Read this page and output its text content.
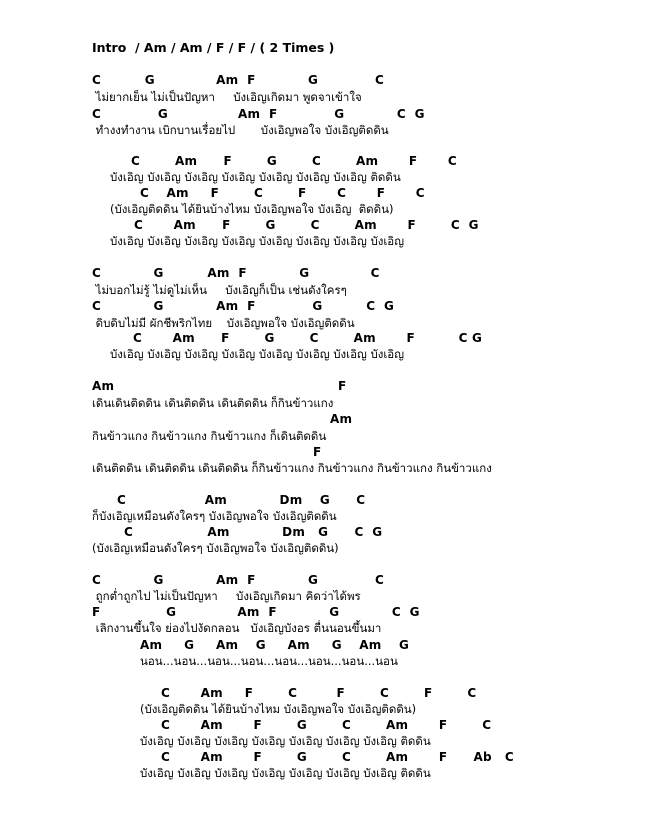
Intro  / Am / Am / F / F / ( 2 Times )
C          G              Am  F            G             C
ไม่ยากเย็น ไม่เป็นปัญหา     บังเอิญเกิดมา พูดจาเข้าใจ
C             G                Am  F             G            C  G
ทำงงทำงาน เบิกบานเรื่อยไป       บังเอิญพอใจ บังเอิญติดดิน
C        Am      F        G        C        Am       F       C
บังเอิญ บังเอิญ บังเอิญ บังเอิญ บังเอิญ บังเอิญ บังเอิญ ติดดิน
C    Am     F        C        F       C       F       C
(บังเอิญติดดิน ได้ยินบ้างไหม บังเอิญพอใจ บังเอิญ  ติดดิน)
C       Am      F        G        C        Am       F        C  G
บังเอิญ บังเอิญ บังเอิญ บังเอิญ บังเอิญ บังเอิญ บังเอิญ บังเอิญ
C            G          Am  F            G              C
ไม่บอกไม่รู้ ไม่ดูไม่เห็น     บังเอิญก็เป็น เช่นดังใครๆ
C            G            Am  F             G          C  G
ดิบดิบไม่มี ผักชีพริกไทย    บังเอิญพอใจ บังเอิญติดดิน
C       Am      F        G        C        Am       F          C G
บังเอิญ บังเอิญ บังเอิญ บังเอิญ บังเอิญ บังเอิญ บังเอิญ บังเอิญ
Am	F
เดินเดินติดดิน เดินติดดิน เดินติดดิน ก็กินข้าวแกง
Am
กินข้าวแกง กินข้าวแกง กินข้าวแกง ก็เดินติดดิน
F
เดินติดดิน เดินติดดิน เดินติดดิน ก็กินข้าวแกง กินข้าวแกง กินข้าวแกง กินข้าวแกง
C                  Am            Dm    G      C
ก็บังเอิญเหมือนดังใครๆ บังเอิญพอใจ บังเอิญติดดิน
C                 Am            Dm   G      C  G
(บังเอิญเหมือนดังใครๆ บังเอิญพอใจ บังเอิญติดดิน)
C            G            Am  F            G             C
ถูกต่ำถูกไป ไม่เป็นปัญหา     บังเอิญเกิดมา คิดว่าได้พร
F               G              Am  F            G            C  G
เลิกงานขึ้นใจ ย่องไปงัดกลอน   บังเอิญบังอร ตื่นนอนขึ้นมา
Am     G     Am    G     Am     G    Am    G
นอน...นอน...นอน...นอน...นอน...นอน...นอน...นอน
C       Am     F        C         F        C        F        C
(บังเอิญติดดิน ได้ยินบ้างไหม บังเอิญพอใจ บังเอิญติดดิน)
C       Am       F        G        C        Am       F        C
บังเอิญ บังเอิญ บังเอิญ บังเอิญ บังเอิญ บังเอิญ บังเอิญ ติดดิน
C       Am       F        G        C        Am       F      Ab   C
บังเอิญ บังเอิญ บังเอิญ บังเอิญ บังเอิญ บังเอิญ บังเอิญ ติดดิน
